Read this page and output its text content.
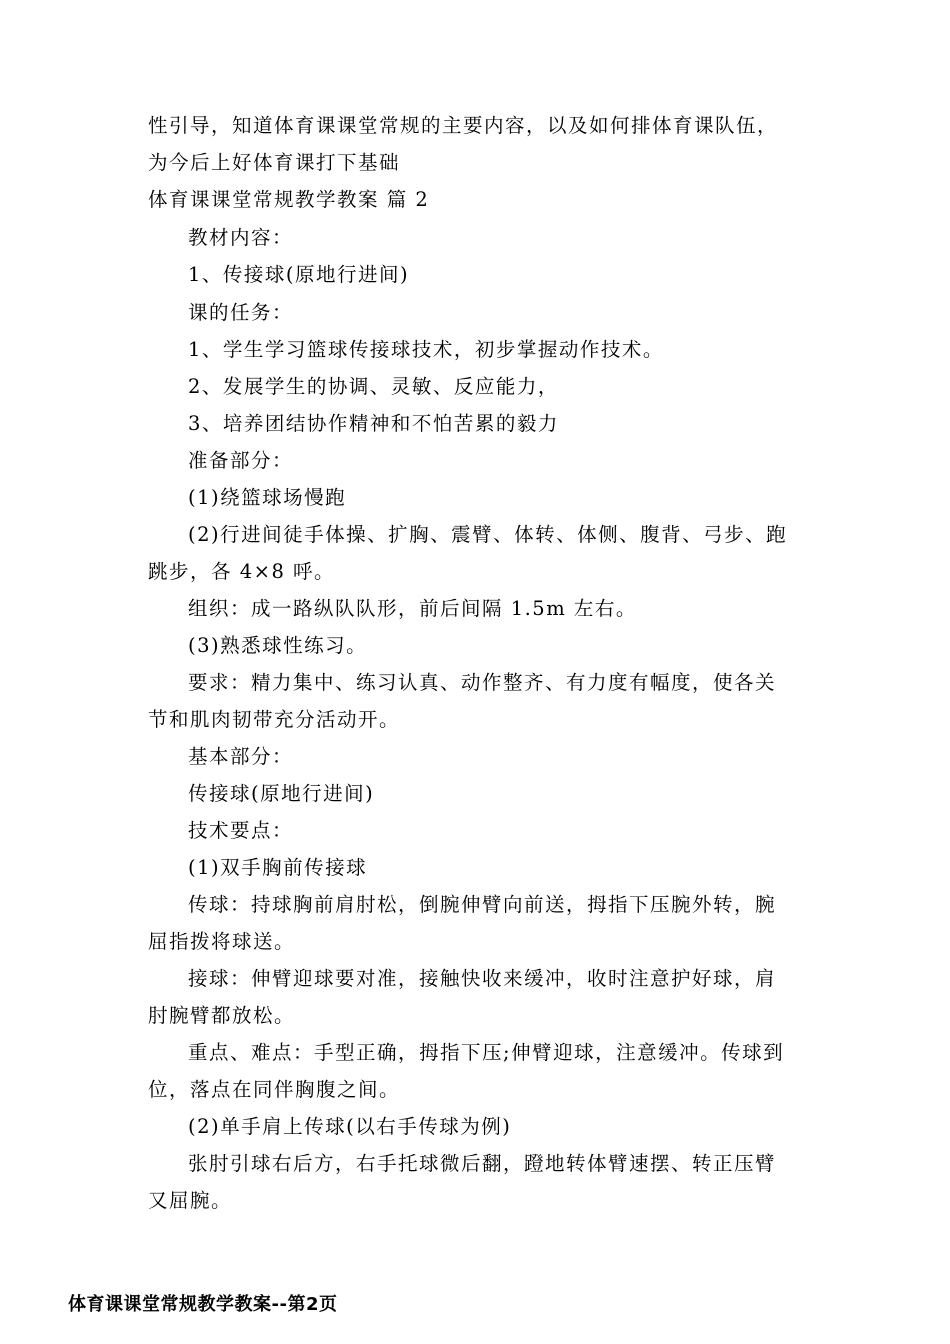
性引导，知道体育课课堂常规的主要内容，以及如何排体育课队伍，
为今后上好体育课打下基础
体育课课堂常规教学教案 篇 2
教材内容：
1、传接球(原地行进间)
课的任务：
1、学生学习篮球传接球技术，初步掌握动作技术。
2、发展学生的协调、灵敏、反应能力，
3、培养团结协作精神和不怕苦累的毅力
准备部分：
(1)绕篮球场慢跑
(2)行进间徒手体操、扩胸、震臂、体转、体侧、腹背、弓步、跑
跳步，各 4×8 呼。
组织：成一路纵队队形，前后间隔 1.5m 左右。
(3)熟悉球性练习。
要求：精力集中、练习认真、动作整齐、有力度有幅度，使各关
节和肌肉韧带充分活动开。
基本部分：
传接球(原地行进间)
技术要点：
(1)双手胸前传接球
传球：持球胸前肩肘松，倒腕伸臂向前送，拇指下压腕外转，腕
屈指拨将球送。
接球：伸臂迎球要对准，接触快收来缓冲，收时注意护好球，肩
肘腕臂都放松。
重点、难点：手型正确，拇指下压;伸臂迎球，注意缓冲。传球到
位，落点在同伴胸腹之间。
(2)单手肩上传球(以右手传球为例)
张肘引球右后方，右手托球微后翻，蹬地转体臂速摆、转正压臂
又屈腕。
体育课课堂常规教学教案--第2页
